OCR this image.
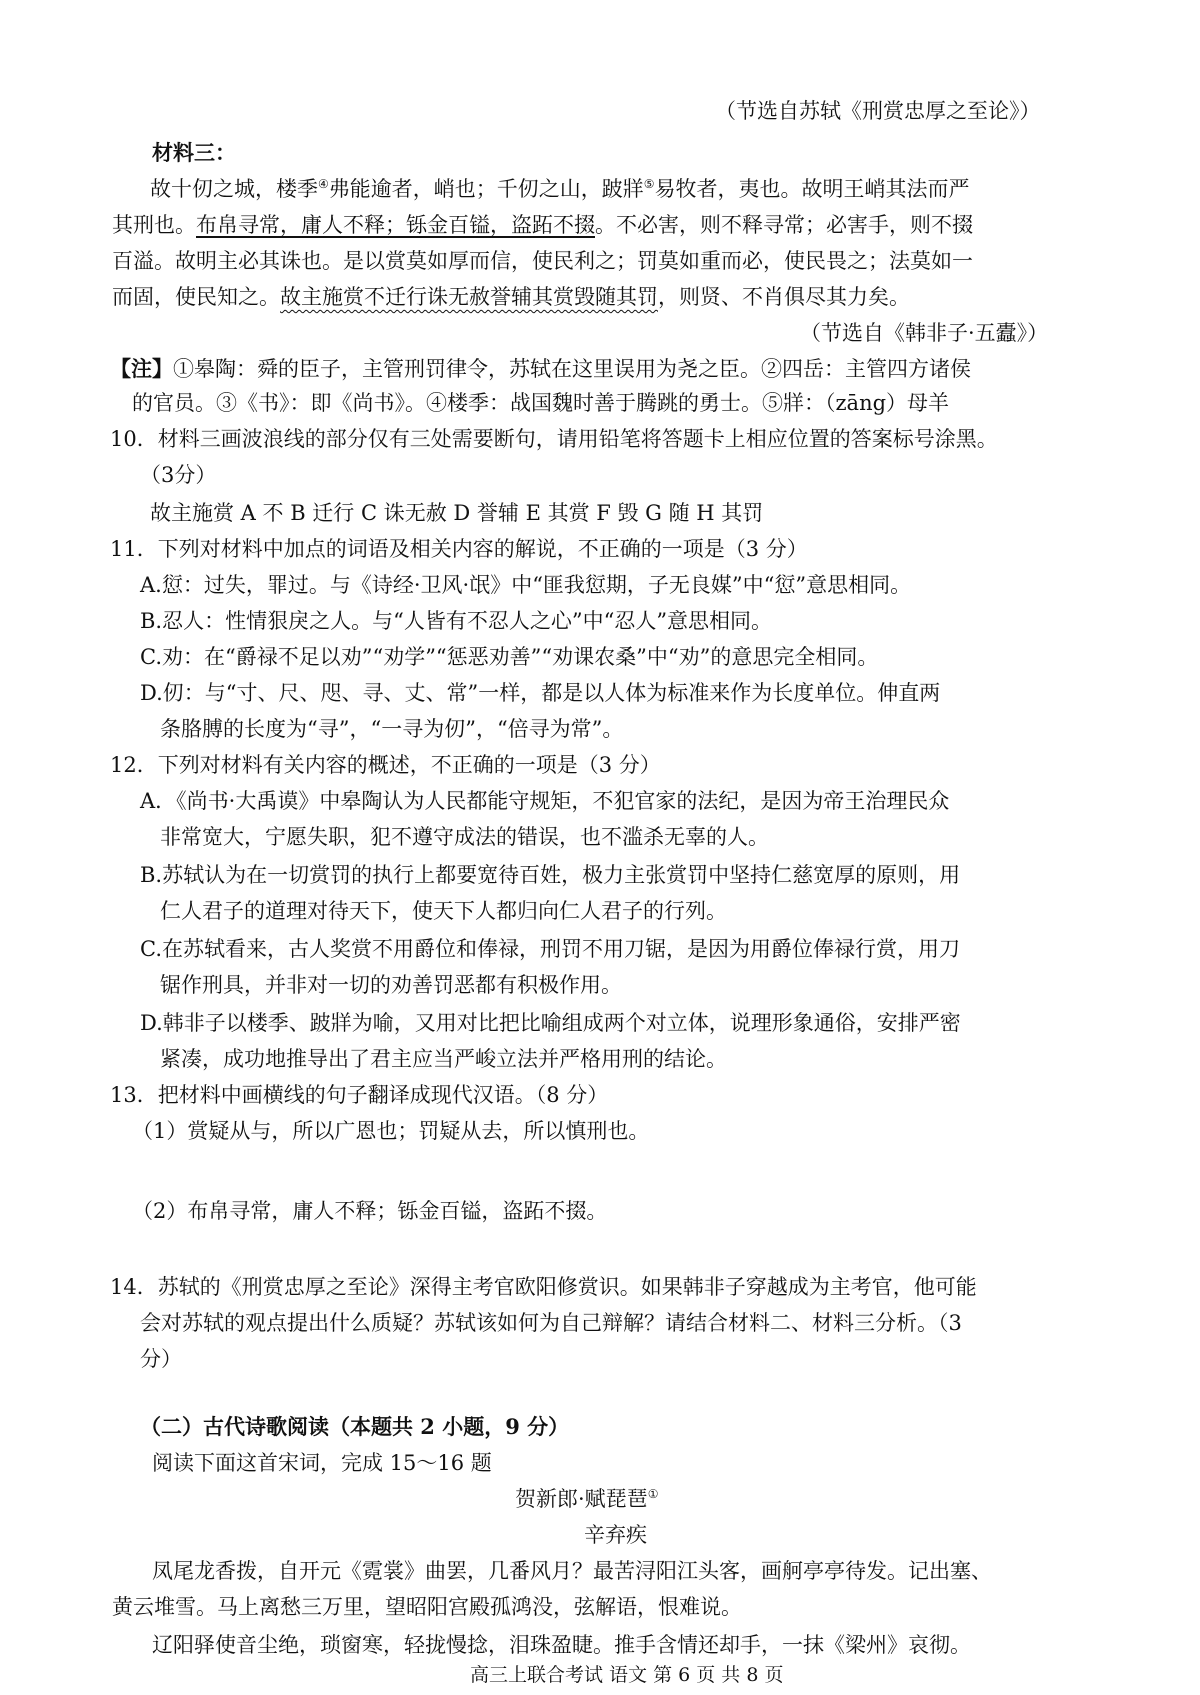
（节选自苏轼《刑赏忠厚之至论》）
材料三：
故十仞之城，楼季④弗能逾者，峭也；千仞之山，跛牂⑤易牧者，夷也。故明王峭其法而严
其刑也。布帛寻常，庸人不释；铄金百镒，盗跖不掇。不必害，则不释寻常；必害手，则不掇
百溢。故明主必其诛也。是以赏莫如厚而信，使民利之；罚莫如重而必，使民畏之；法莫如一
而固，使民知之。故主施赏不迁行诛无赦誉辅其赏毁随其罚，则贤、不肖俱尽其力矣。
（节选自《韩非子·五蠹》）
【注】①皋陶：舜的臣子，主管刑罚律令，苏轼在这里误用为尧之臣。②四岳：主管四方诸侯
的官员。③《书》：即《尚书》。④楼季：战国魏时善于腾跳的勇士。⑤牂：（zāng）母羊
10．材料三画波浪线的部分仅有三处需要断句，请用铅笔将答题卡上相应位置的答案标号涂黑。
（3分）
故主施赏 A 不 B 迁行 C 诛无赦 D 誉辅 E 其赏 F 毁 G 随 H 其罚
11．下列对材料中加点的词语及相关内容的解说，不正确的一项是（3 分）
A.愆：过失，罪过。与《诗经·卫风·氓》中“匪我愆期，子无良媒”中“愆”意思相同。
B.忍人：性情狠戾之人。与“人皆有不忍人之心”中“忍人”意思相同。
C.劝：在“爵禄不足以劝”“劝学”“惩恶劝善”“劝课农桑”中“劝”的意思完全相同。
D.仞：与“寸、尺、咫、寻、丈、常”一样，都是以人体为标准来作为长度单位。伸直两
条胳膊的长度为“寻”，“一寻为仞”，“倍寻为常”。
12．下列对材料有关内容的概述，不正确的一项是（3 分）
A．《尚书·大禹谟》中皋陶认为人民都能守规矩，不犯官家的法纪，是因为帝王治理民众
非常宽大，宁愿失职，犯不遵守成法的错误，也不滥杀无辜的人。
B.苏轼认为在一切赏罚的执行上都要宽待百姓，极力主张赏罚中坚持仁慈宽厚的原则，用
仁人君子的道理对待天下，使天下人都归向仁人君子的行列。
C.在苏轼看来，古人奖赏不用爵位和俸禄，刑罚不用刀锯，是因为用爵位俸禄行赏，用刀
锯作刑具，并非对一切的劝善罚恶都有积极作用。
D.韩非子以楼季、跛牂为喻，又用对比把比喻组成两个对立体，说理形象通俗，安排严密
紧凑，成功地推导出了君主应当严峻立法并严格用刑的结论。
13．把材料中画横线的句子翻译成现代汉语。（8 分）
（1）赏疑从与，所以广恩也；罚疑从去，所以慎刑也。
（2）布帛寻常，庸人不释；铄金百镒，盗跖不掇。
14．苏轼的《刑赏忠厚之至论》深得主考官欧阳修赏识。如果韩非子穿越成为主考官，他可能
会对苏轼的观点提出什么质疑？苏轼该如何为自己辩解？请结合材料二、材料三分析。（3
分）
（二）古代诗歌阅读（本题共 2 小题，9 分）
阅读下面这首宋词，完成 15～16 题
贺新郎·赋琵琶①
辛弃疾
凤尾龙香拨，自开元《霓裳》曲罢，几番风月？最苦浔阳江头客，画舸亭亭待发。记出塞、
黄云堆雪。马上离愁三万里，望昭阳宫殿孤鸿没，弦解语，恨难说。
辽阳驿使音尘绝，琐窗寒，轻拢慢捻，泪珠盈睫。推手含情还却手，一抹《梁州》哀彻。
高三上联合考试 语文 第 6 页 共 8 页
